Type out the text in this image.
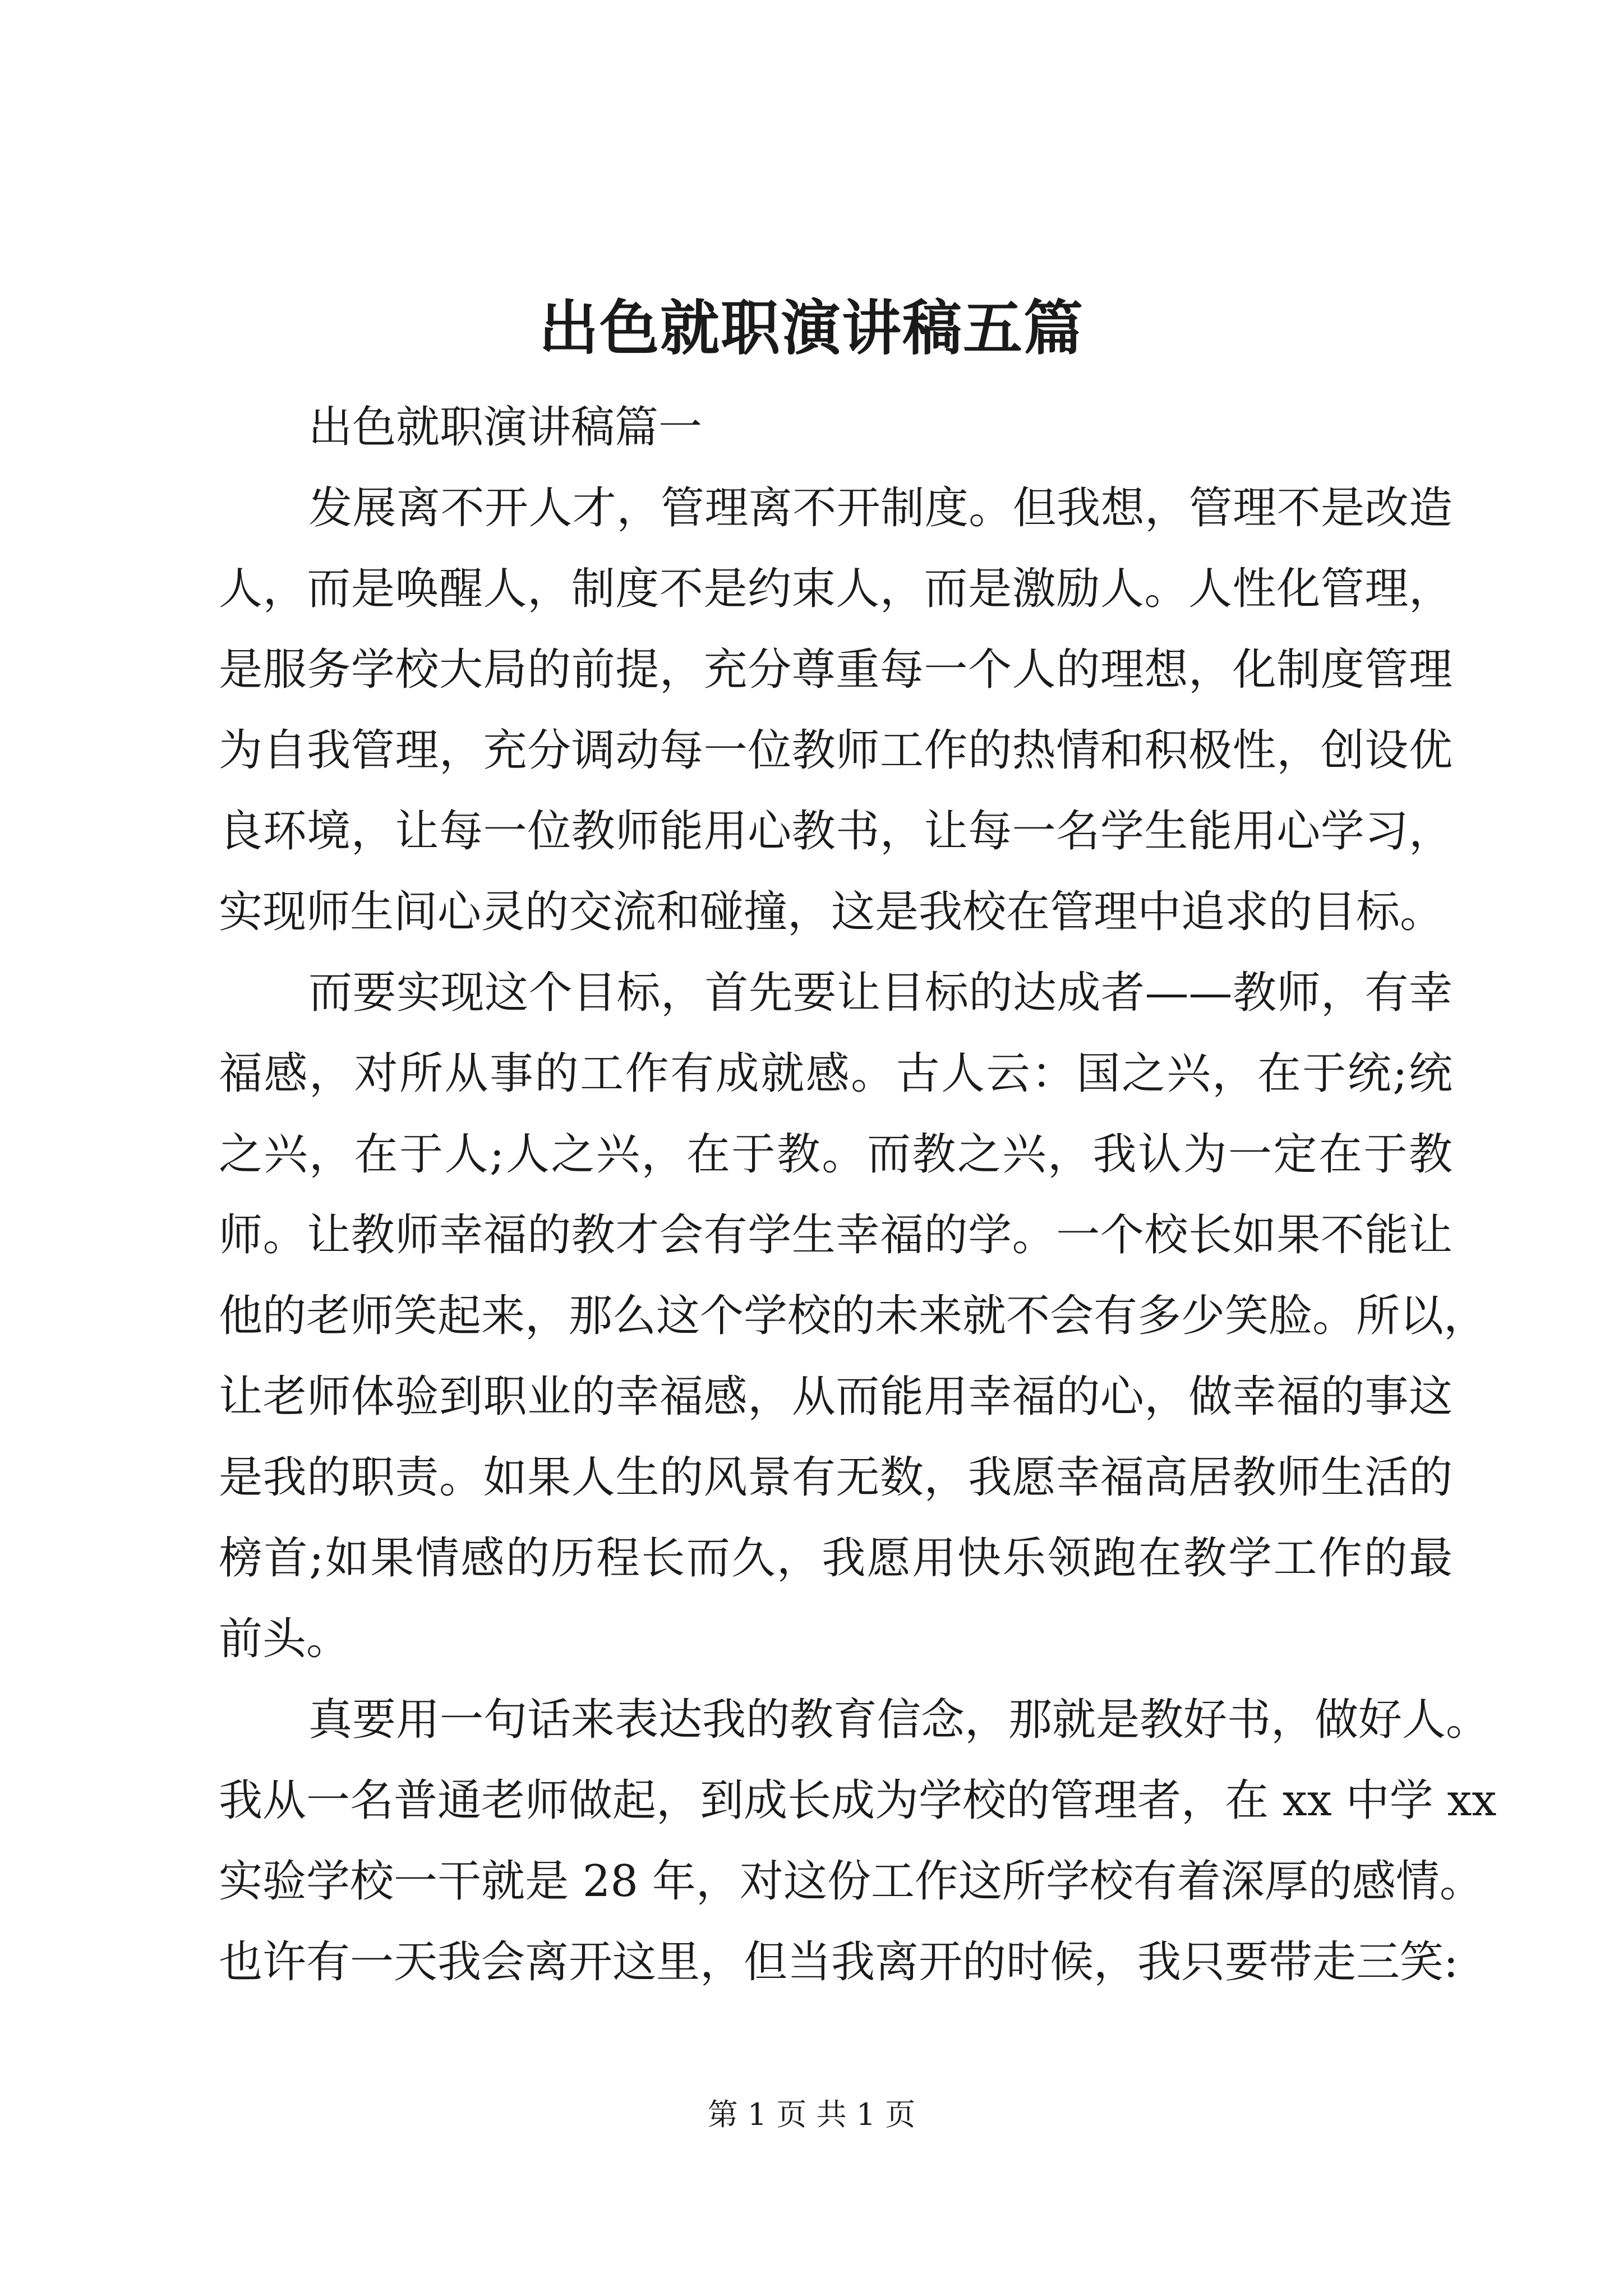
出色就职演讲稿五篇

出色就职演讲稿篇一

发展离不开人才，管理离不开制度。但我想，管理不是改造
人，而是唤醒人，制度不是约束人，而是激励人。人性化管理，
是服务学校大局的前提，充分尊重每一个人的理想，化制度管理
为自我管理，充分调动每一位教师工作的热情和积极性，创设优
良环境，让每一位教师能用心教书，让每一名学生能用心学习，
实现师生间心灵的交流和碰撞，这是我校在管理中追求的目标。
而要实现这个目标，首先要让目标的达成者——教师，有幸
福感，对所从事的工作有成就感。古人云：国之兴，在于统;统
之兴，在于人;人之兴，在于教。而教之兴，我认为一定在于教
师。让教师幸福的教才会有学生幸福的学。一个校长如果不能让
他的老师笑起来，那么这个学校的未来就不会有多少笑脸。所以，
让老师体验到职业的幸福感，从而能用幸福的心，做幸福的事这
是我的职责。如果人生的风景有无数，我愿幸福高居教师生活的
榜首;如果情感的历程长而久，我愿用快乐领跑在教学工作的最
前头。
真要用一句话来表达我的教育信念，那就是教好书，做好人。
我从一名普通老师做起，到成长成为学校的管理者，在 xx 中学 xx
实验学校一干就是 28 年，对这份工作这所学校有着深厚的感情。
也许有一天我会离开这里，但当我离开的时候，我只要带走三笑:
第 1 页 共 1 页
